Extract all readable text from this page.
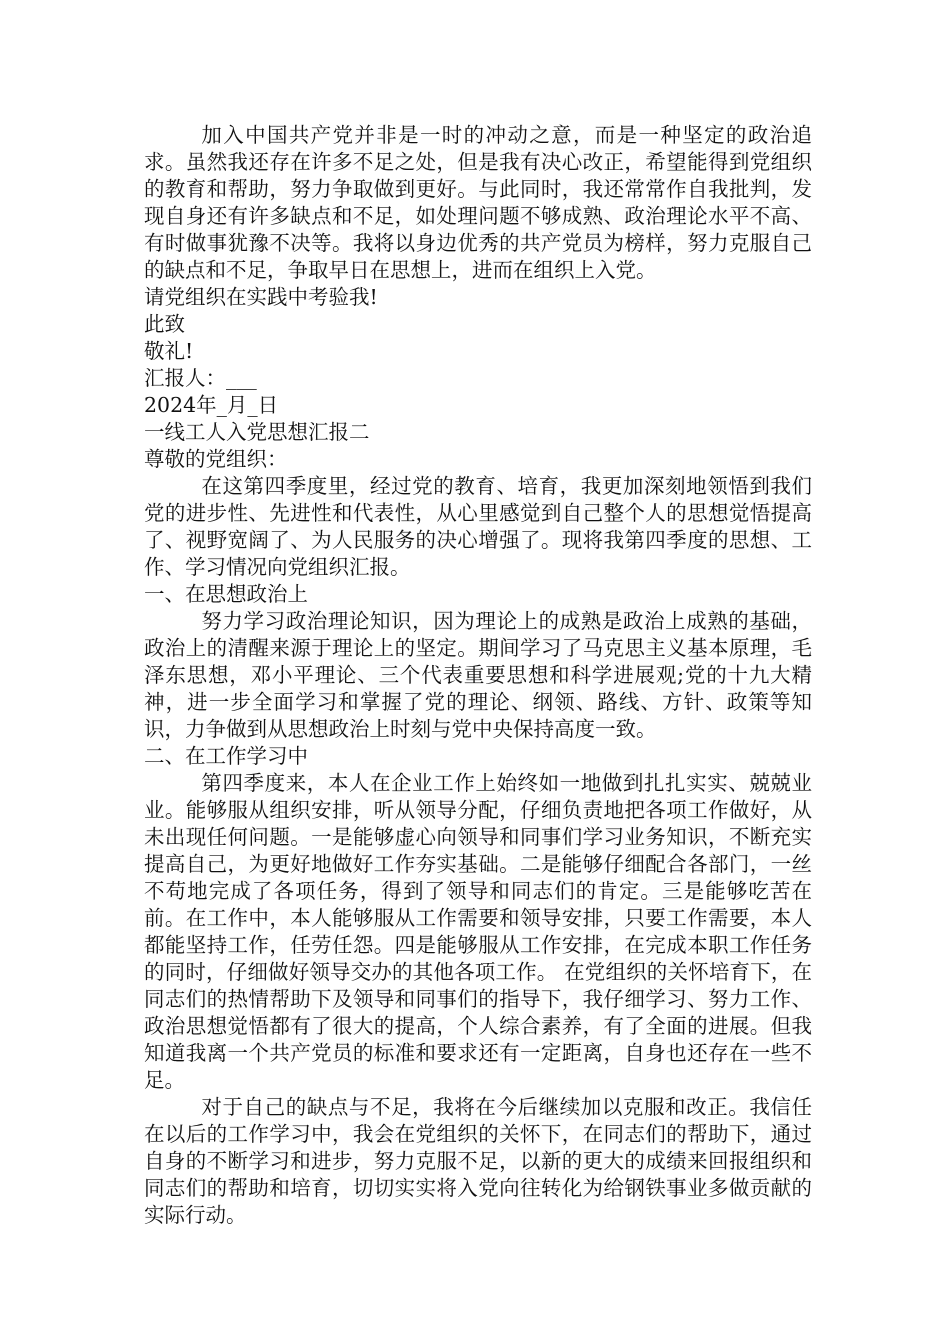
加入中国共产党并非是一时的冲动之意，而是一种坚定的政治追求。虽然我还存在许多不足之处，但是我有决心改正，希望能得到党组织的教育和帮助，努力争取做到更好。与此同时，我还常常作自我批判，发现自身还有许多缺点和不足，如处理问题不够成熟、政治理论水平不高、有时做事犹豫不决等。我将以身边优秀的共产党员为榜样，努力克服自己的缺点和不足，争取早日在思想上，进而在组织上入党。

请党组织在实践中考验我!

此致

敬礼!

汇报人：___

2024年_月_日

一线工人入党思想汇报二

尊敬的党组织：

在这第四季度里，经过党的教育、培育，我更加深刻地领悟到我们党的进步性、先进性和代表性，从心里感觉到自己整个人的思想觉悟提高了、视野宽阔了、为人民服务的决心增强了。现将我第四季度的思想、工作、学习情况向党组织汇报。

一、在思想政治上

努力学习政治理论知识，因为理论上的成熟是政治上成熟的基础，政治上的清醒来源于理论上的坚定。期间学习了马克思主义基本原理，毛泽东思想，邓小平理论、三个代表重要思想和科学进展观;党的十九大精神，进一步全面学习和掌握了党的理论、纲领、路线、方针、政策等知识，力争做到从思想政治上时刻与党中央保持高度一致。

二、在工作学习中

第四季度来，本人在企业工作上始终如一地做到扎扎实实、兢兢业业。能够服从组织安排，听从领导分配，仔细负责地把各项工作做好，从未出现任何问题。一是能够虚心向领导和同事们学习业务知识，不断充实提高自己，为更好地做好工作夯实基础。二是能够仔细配合各部门，一丝不苟地完成了各项任务，得到了领导和同志们的肯定。三是能够吃苦在前。在工作中，本人能够服从工作需要和领导安排，只要工作需要，本人都能坚持工作，任劳任怨。四是能够服从工作安排，在完成本职工作任务的同时，仔细做好领导交办的其他各项工作。 在党组织的关怀培育下，在同志们的热情帮助下及领导和同事们的指导下，我仔细学习、努力工作、政治思想觉悟都有了很大的提高，个人综合素养，有了全面的进展。但我知道我离一个共产党员的标准和要求还有一定距离，自身也还存在一些不足。

对于自己的缺点与不足，我将在今后继续加以克服和改正。我信任在以后的工作学习中，我会在党组织的关怀下，在同志们的帮助下，通过自身的不断学习和进步，努力克服不足，以新的更大的成绩来回报组织和同志们的帮助和培育，切切实实将入党向往转化为给钢铁事业多做贡献的实际行动。
